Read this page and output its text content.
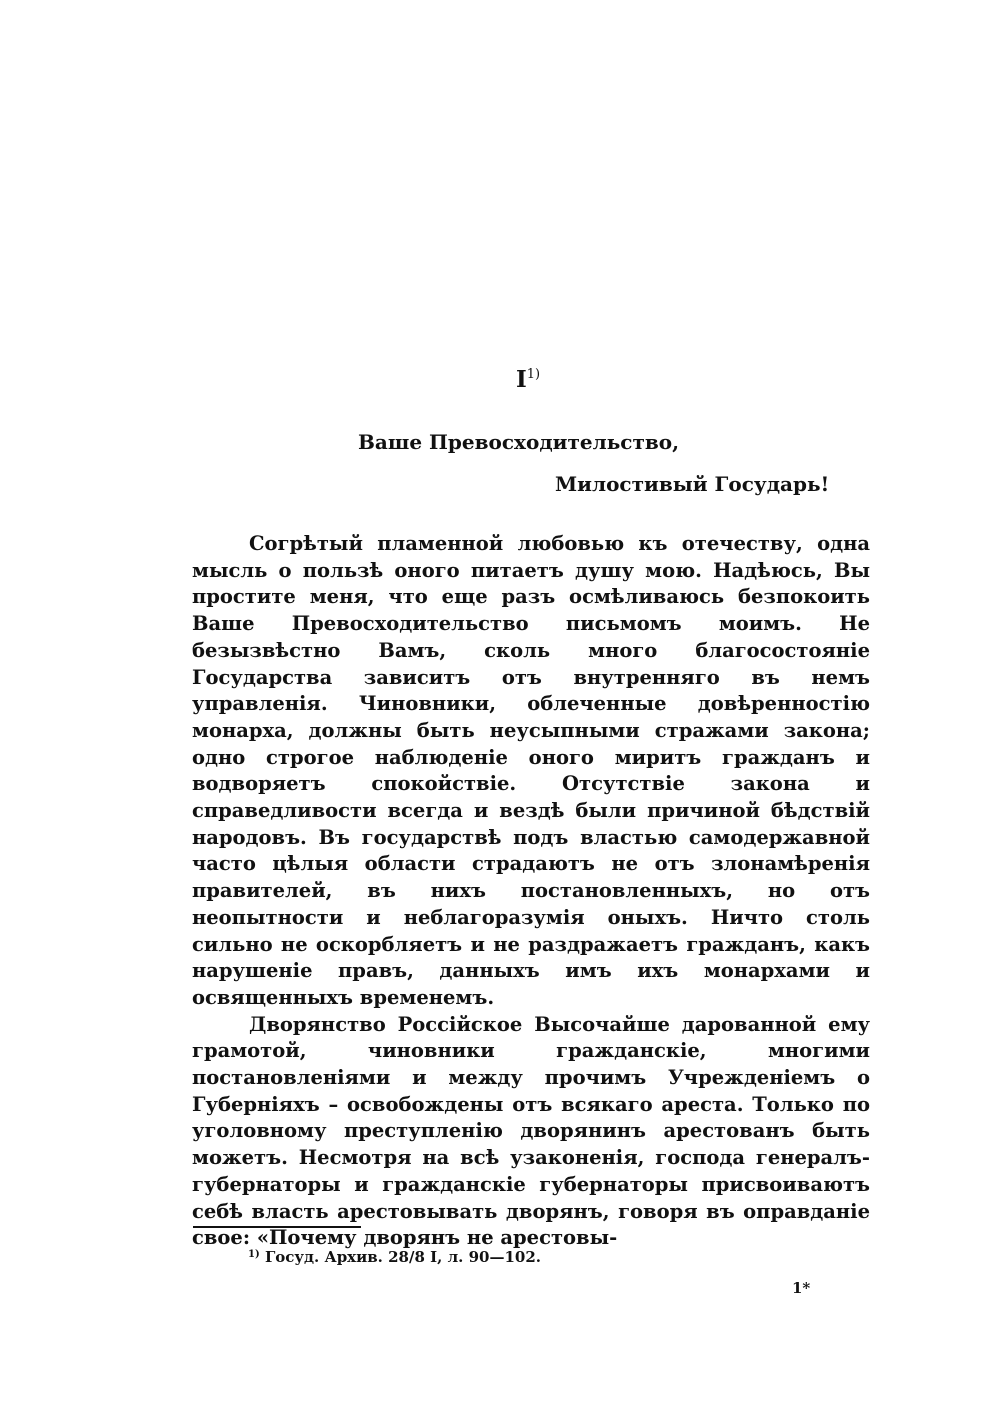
$I^{1)}$
Ваше Превосходительство,
Милостивый Государь!

Согрѣтый пламенной любовью къ отечеству, одна мысль о пользѣ оного питаетъ душу мою. Надѣюсь, Вы простите меня, что еще разъ осмѣливаюсь безпокоить Ваше Превосходительство письмомъ моимъ. Не безызвѣстно Вамъ, сколь много благосостояніе Государства зависитъ отъ внутренняго въ немъ управленія. Чиновники, облеченные довѣренностію монарха, должны быть неусыпными стражами закона; одно строгое наблюденіе оного миритъ гражданъ и водворяетъ спокойствіе. Отсутствіе закона и справедливости всегда и вездѣ были причиной бѣдствій народовъ. Въ государствѣ подъ властью самодержавной часто цѣлыя области страдаютъ не отъ злонамѣренія правителей, въ нихъ постановленныхъ, но отъ неопытности и неблагоразумія оныхъ. Ничто столь сильно не оскорбляетъ и не раздражаетъ гражданъ, какъ нарушеніе правъ, данныхъ имъ ихъ монархами и освященныхъ временемъ.

Дворянство Россійское Высочайше дарованной ему грамотой, чиновники гражданскіе, многими постановленіями и между прочимъ Учрежденіемъ о Губерніяхъ – освобождены отъ всякаго ареста. Только по уголовному преступленію дворянинъ арестованъ быть можетъ. Несмотря на всѣ узаконенія, господа генералъ-губернаторы и гражданскіе губернаторы присвоиваютъ себѣ власть арестовывать дворянъ, говоря въ оправданіе свое: «Почему дворянъ не арестовы-

$^{1)}$ Госуд. Архив. 28/8 I, л. 90—102.
1*
